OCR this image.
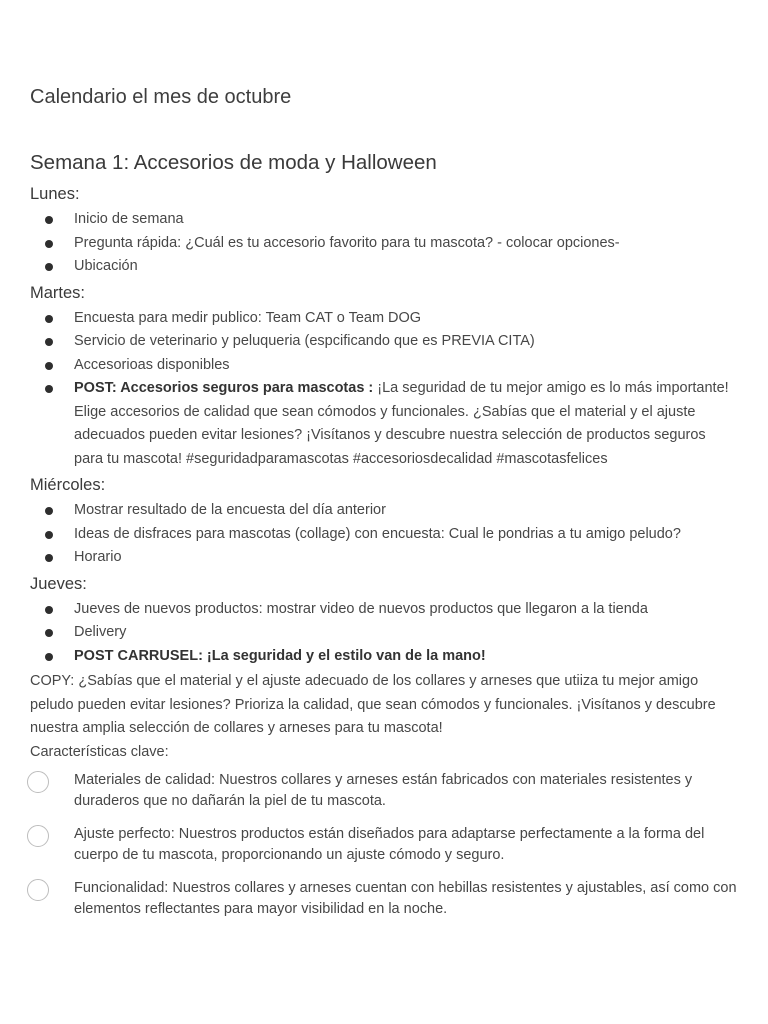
Calendario el mes de octubre
Semana 1: Accesorios de moda y Halloween
Lunes:
Inicio de semana
Pregunta rápida: ¿Cuál es tu accesorio favorito para tu mascota? - colocar opciones-
Ubicación
Martes:
Encuesta para medir publico: Team CAT o Team DOG
Servicio de veterinario y peluqueria (espcificando que es PREVIA CITA)
Accesorioas disponibles
POST: Accesorios seguros para mascotas : ¡La seguridad de tu mejor amigo es lo más importante! Elige accesorios de calidad que sean cómodos y funcionales. ¿Sabías que el material y el ajuste adecuados pueden evitar lesiones? ¡Visítanos y descubre nuestra selección de productos seguros para tu mascota! #seguridadparamascotas #accesoriosdecalidad #mascotasfelices
Miércoles:
Mostrar resultado de la encuesta del día anterior
Ideas de disfraces para mascotas (collage) con encuesta: Cual le pondrias a tu amigo peludo?
Horario
Jueves:
Jueves de nuevos productos: mostrar video de nuevos productos que llegaron a la tienda
Delivery
POST CARRUSEL: ¡La seguridad y el estilo van de la mano!

COPY: ¿Sabías que el material y el ajuste adecuado de los collares y arneses que utiiza tu mejor amigo peludo pueden evitar lesiones? Prioriza la calidad, que sean cómodos y funcionales. ¡Visítanos y descubre nuestra amplia selección de collares y arneses para tu mascota!

Características clave:

Materiales de calidad: Nuestros collares y arneses están fabricados con materiales resistentes y duraderos que no dañarán la piel de tu mascota.
Ajuste perfecto: Nuestros productos están diseñados para adaptarse perfectamente a la forma del cuerpo de tu mascota, proporcionando un ajuste cómodo y seguro.
Funcionalidad: Nuestros collares y arneses cuentan con hebillas resistentes y ajustables, así como con elementos reflectantes para mayor visibilidad en la noche.
